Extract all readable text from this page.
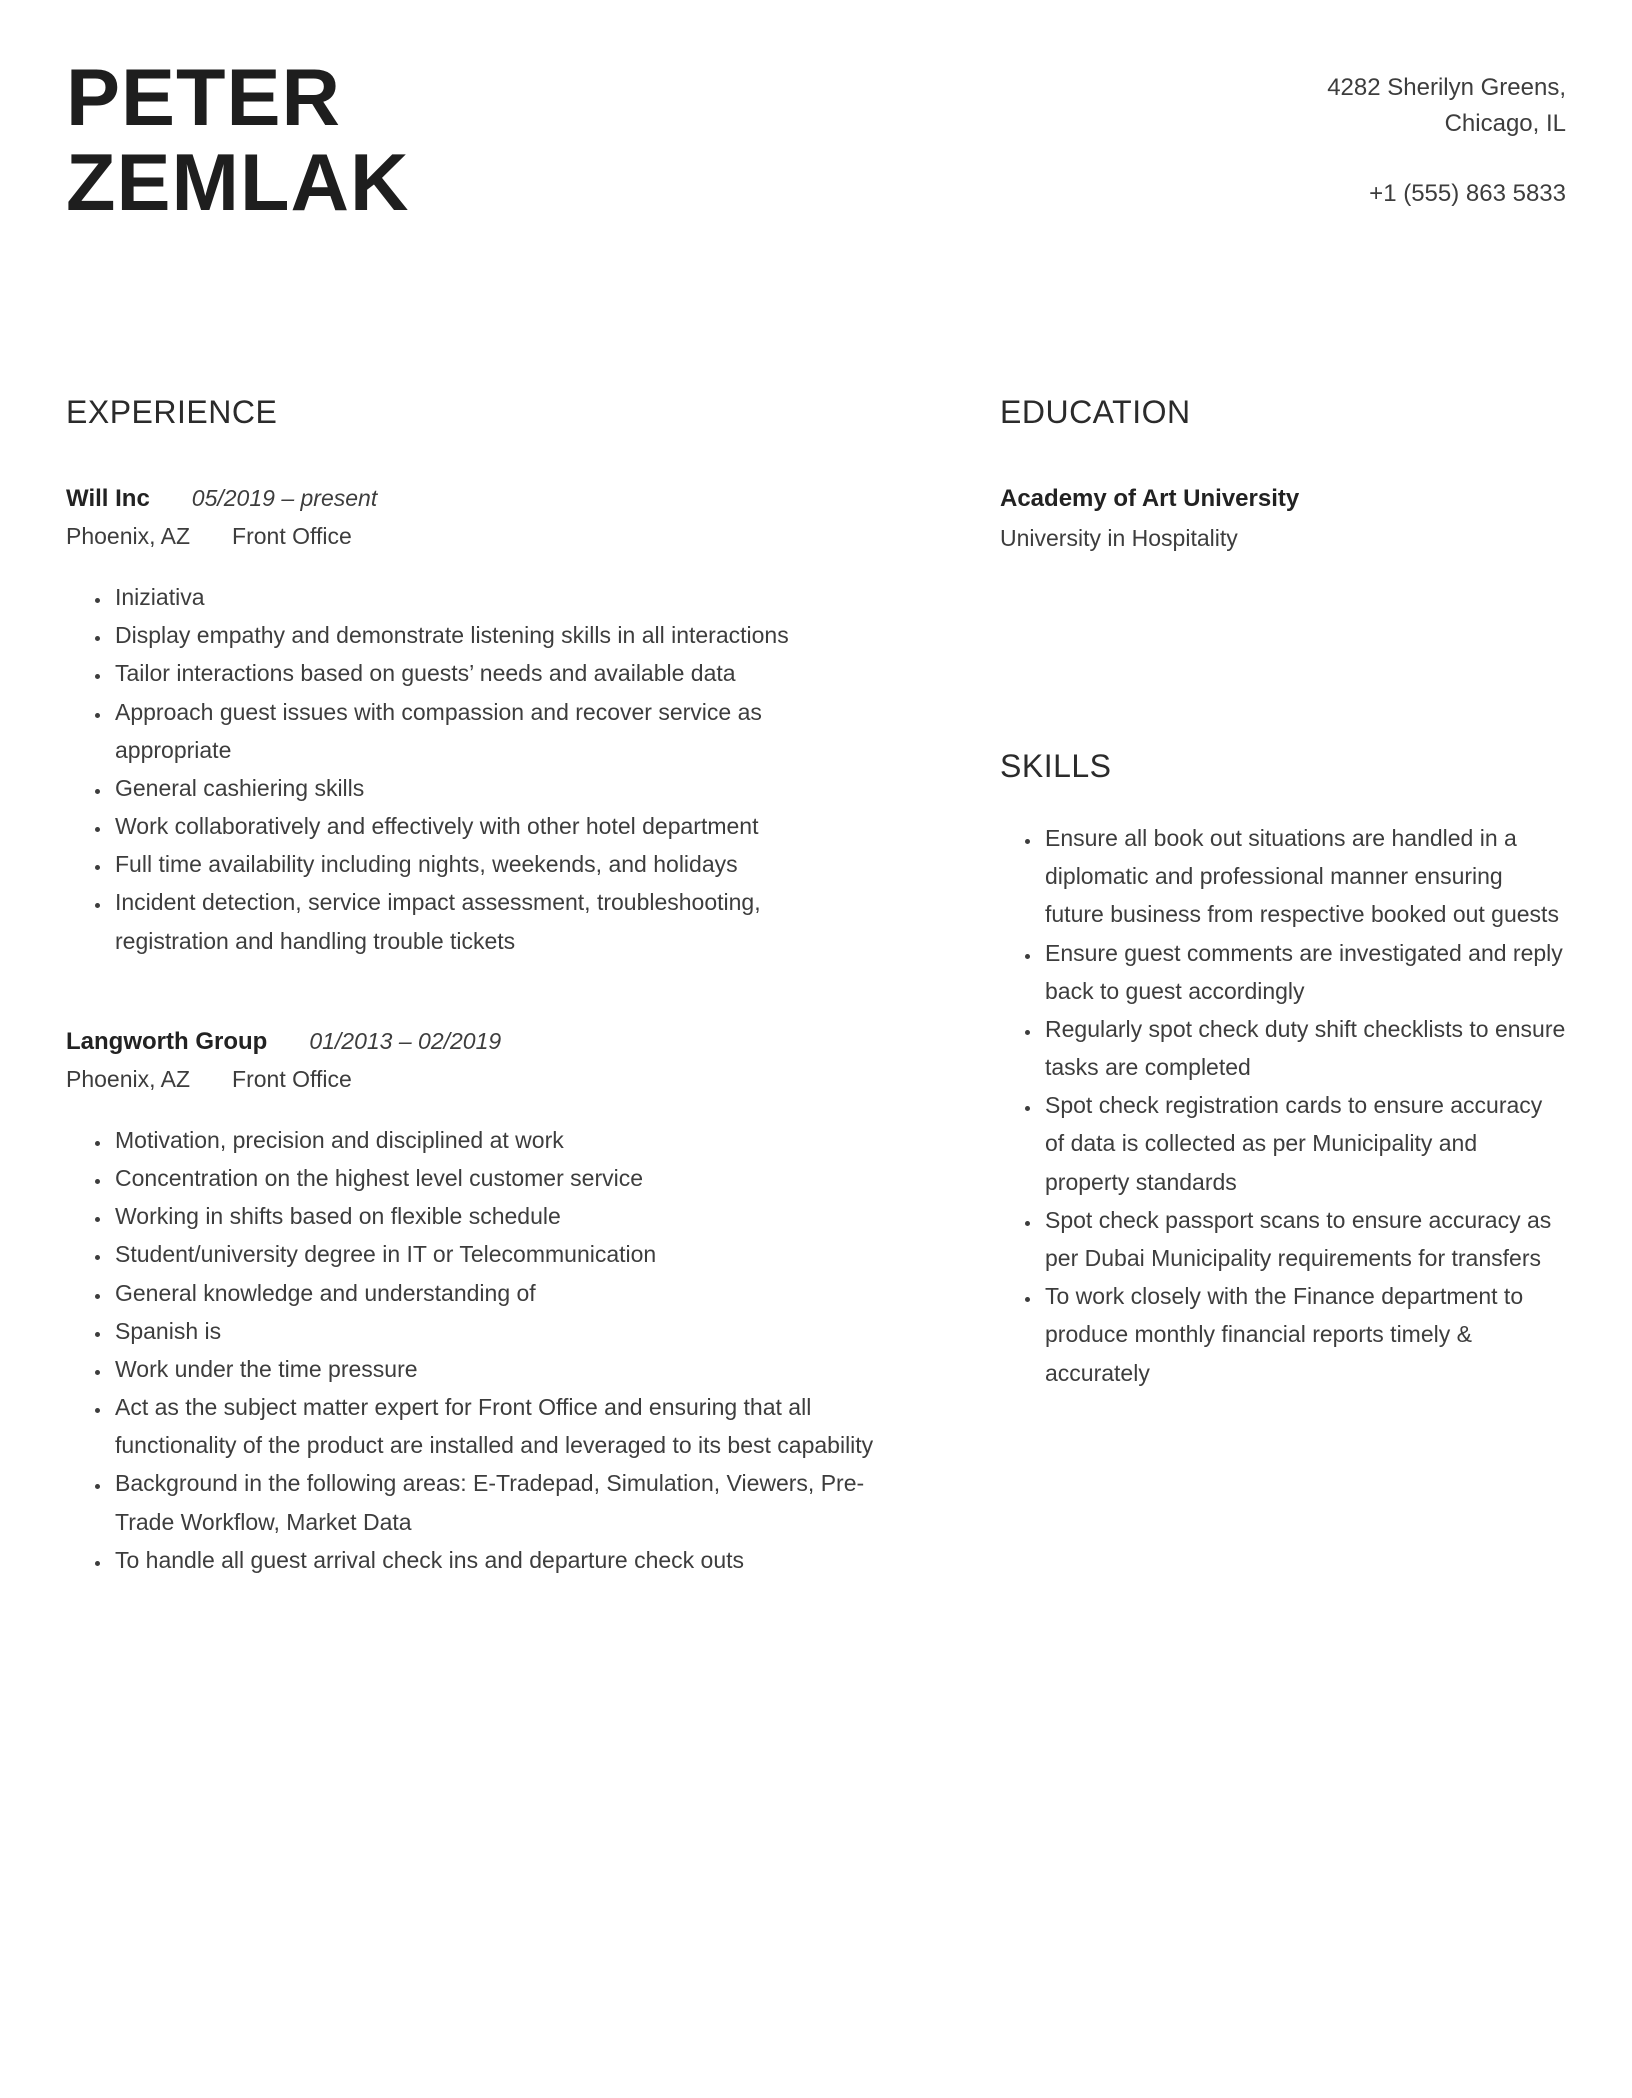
PETER
ZEMLAK
4282 Sherilyn Greens,
Chicago, IL
+1 (555) 863 5833
EXPERIENCE
Will Inc 05/2019 – present
Phoenix, AZ Front Office
• Iniziativa
• Display empathy and demonstrate listening skills in all interactions
• Tailor interactions based on guests’ needs and available data
• Approach guest issues with compassion and recover service as appropriate
• General cashiering skills
• Work collaboratively and effectively with other hotel department
• Full time availability including nights, weekends, and holidays
• Incident detection, service impact assessment, troubleshooting, registration and handling trouble tickets
Langworth Group 01/2013 – 02/2019
Phoenix, AZ Front Office
• Motivation, precision and disciplined at work
• Concentration on the highest level customer service
• Working in shifts based on flexible schedule
• Student/university degree in IT or Telecommunication
• General knowledge and understanding of
• Spanish is
• Work under the time pressure
• Act as the subject matter expert for Front Office and ensuring that all functionality of the product are installed and leveraged to its best capability
• Background in the following areas: E-Tradepad, Simulation, Viewers, Pre-Trade Workflow, Market Data
• To handle all guest arrival check ins and departure check outs
EDUCATION
Academy of Art University
University in Hospitality
SKILLS
• Ensure all book out situations are handled in a diplomatic and professional manner ensuring future business from respective booked out guests
• Ensure guest comments are investigated and reply back to guest accordingly
• Regularly spot check duty shift checklists to ensure tasks are completed
• Spot check registration cards to ensure accuracy of data is collected as per Municipality and property standards
• Spot check passport scans to ensure accuracy as per Dubai Municipality requirements for transfers
• To work closely with the Finance department to produce monthly financial reports timely & accurately
